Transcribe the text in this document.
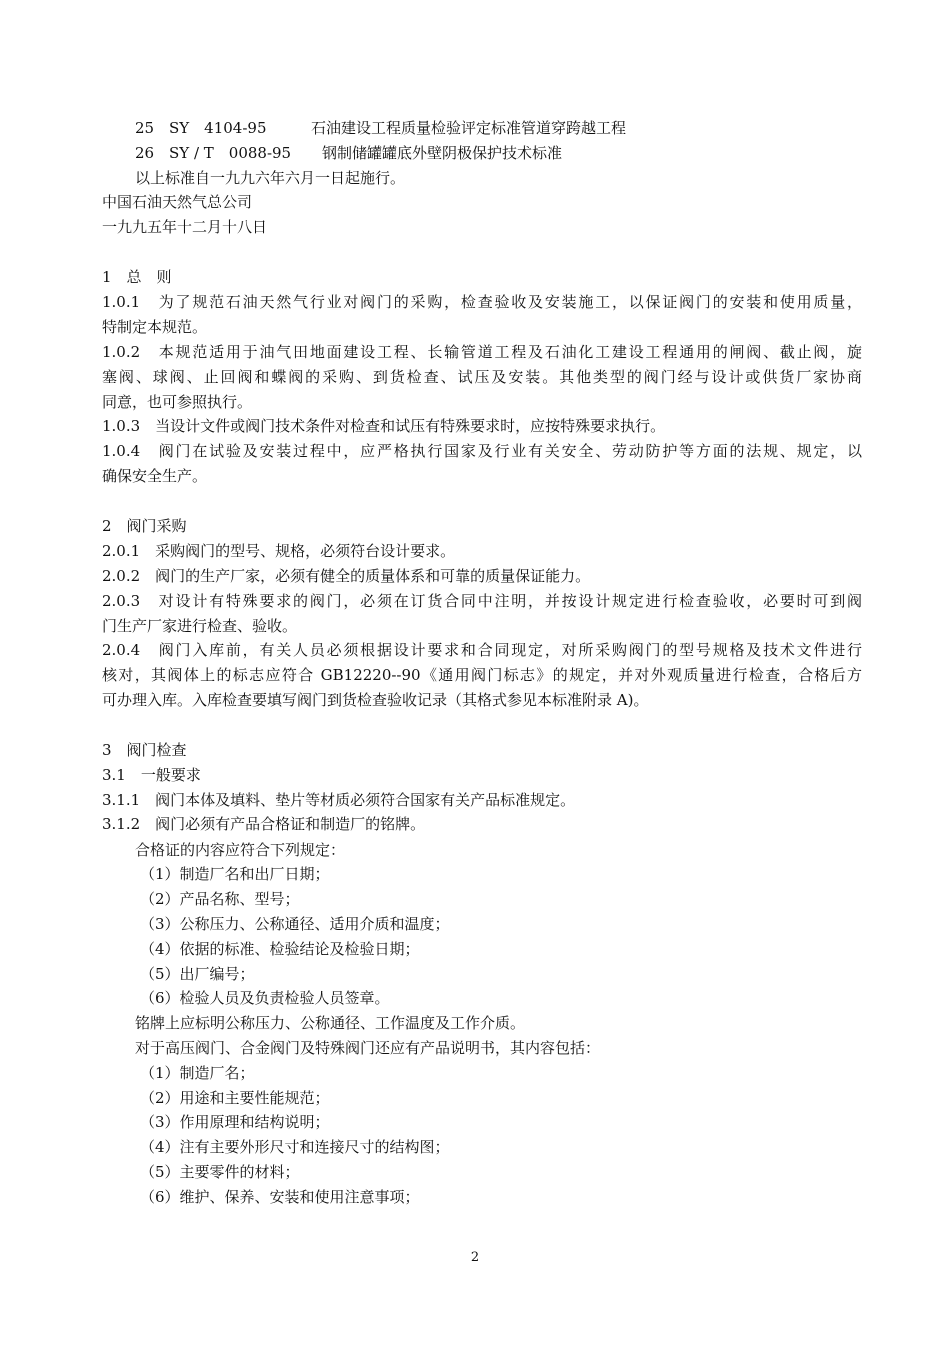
25 SY　4104-95	石油建设工程质量检验评定标准管道穿跨越工程
26 SY / T　0088-95 钢制储罐罐底外壁阴极保护技术标准
以上标准自一九九六年六月一日起施行。
中国石油天然气总公司
一九九五年十二月十八日
1　总　则
1.0.1　为了规范石油天然气行业对阀门的采购，检查验收及安装施工，以保证阀门的安装和使用质量，
特制定本规范。
1.0.2　本规范适用于油气田地面建设工程、长输管道工程及石油化工建设工程通用的闸阀、截止阀，旋
塞阀、球阀、止回阀和蝶阀的采购、到货检查、试压及安装。其他类型的阀门经与设计或供货厂家协商
同意，也可参照执行。
1.0.3　当设计文件或阀门技术条件对检查和试压有特殊要求时，应按特殊要求执行。
1.0.4　阀门在试验及安装过程中，应严格执行国家及行业有关安全、劳动防护等方面的法规、规定，以
确保安全生产。
2　阀门采购
2.0.1　采购阀门的型号、规格，必须符台设计要求。
2.0.2　阀门的生产厂家，必须有健全的质量体系和可靠的质量保证能力。
2.0.3　对设计有特殊要求的阀门，必须在订货合同中注明，并按设计规定进行检查验收，必要时可到阀
门生产厂家进行检查、验收。
2.0.4　阀门入库前，有关人员必须根据设计要求和合同现定，对所采购阀门的型号规格及技术文件进行
核对，其阀体上的标志应符合 GB12220--90《通用阀门标志》的规定，并对外观质量进行检查，合格后方
可办理入库。入库检查要填写阀门到货检查验收记录（其格式参见本标准附录 A)。
3　阀门检查
3.1　一般要求
3.1.1　阀门本体及填料、垫片等材质必须符合国家有关产品标准规定。
3.1.2　阀门必须有产品合格证和制造厂的铭牌。
合格证的内容应符合下列规定：
（1）制造厂名和出厂日期；
（2）产品名称、型号；
（3）公称压力、公称通径、适用介质和温度；
（4）依据的标准、检验结论及检验日期；
（5）出厂编号；
（6）检验人员及负责检验人员签章。
铭牌上应标明公称压力、公称通径、工作温度及工作介质。
对于高压阀门、合金阀门及特殊阀门还应有产品说明书，其内容包括：
（1）制造厂名；
（2）用途和主要性能规范；
（3）作用原理和结构说明；
（4）注有主要外形尺寸和连接尺寸的结构图；
（5）主要零件的材料；
（6）维护、保养、安装和使用注意事项；
2
